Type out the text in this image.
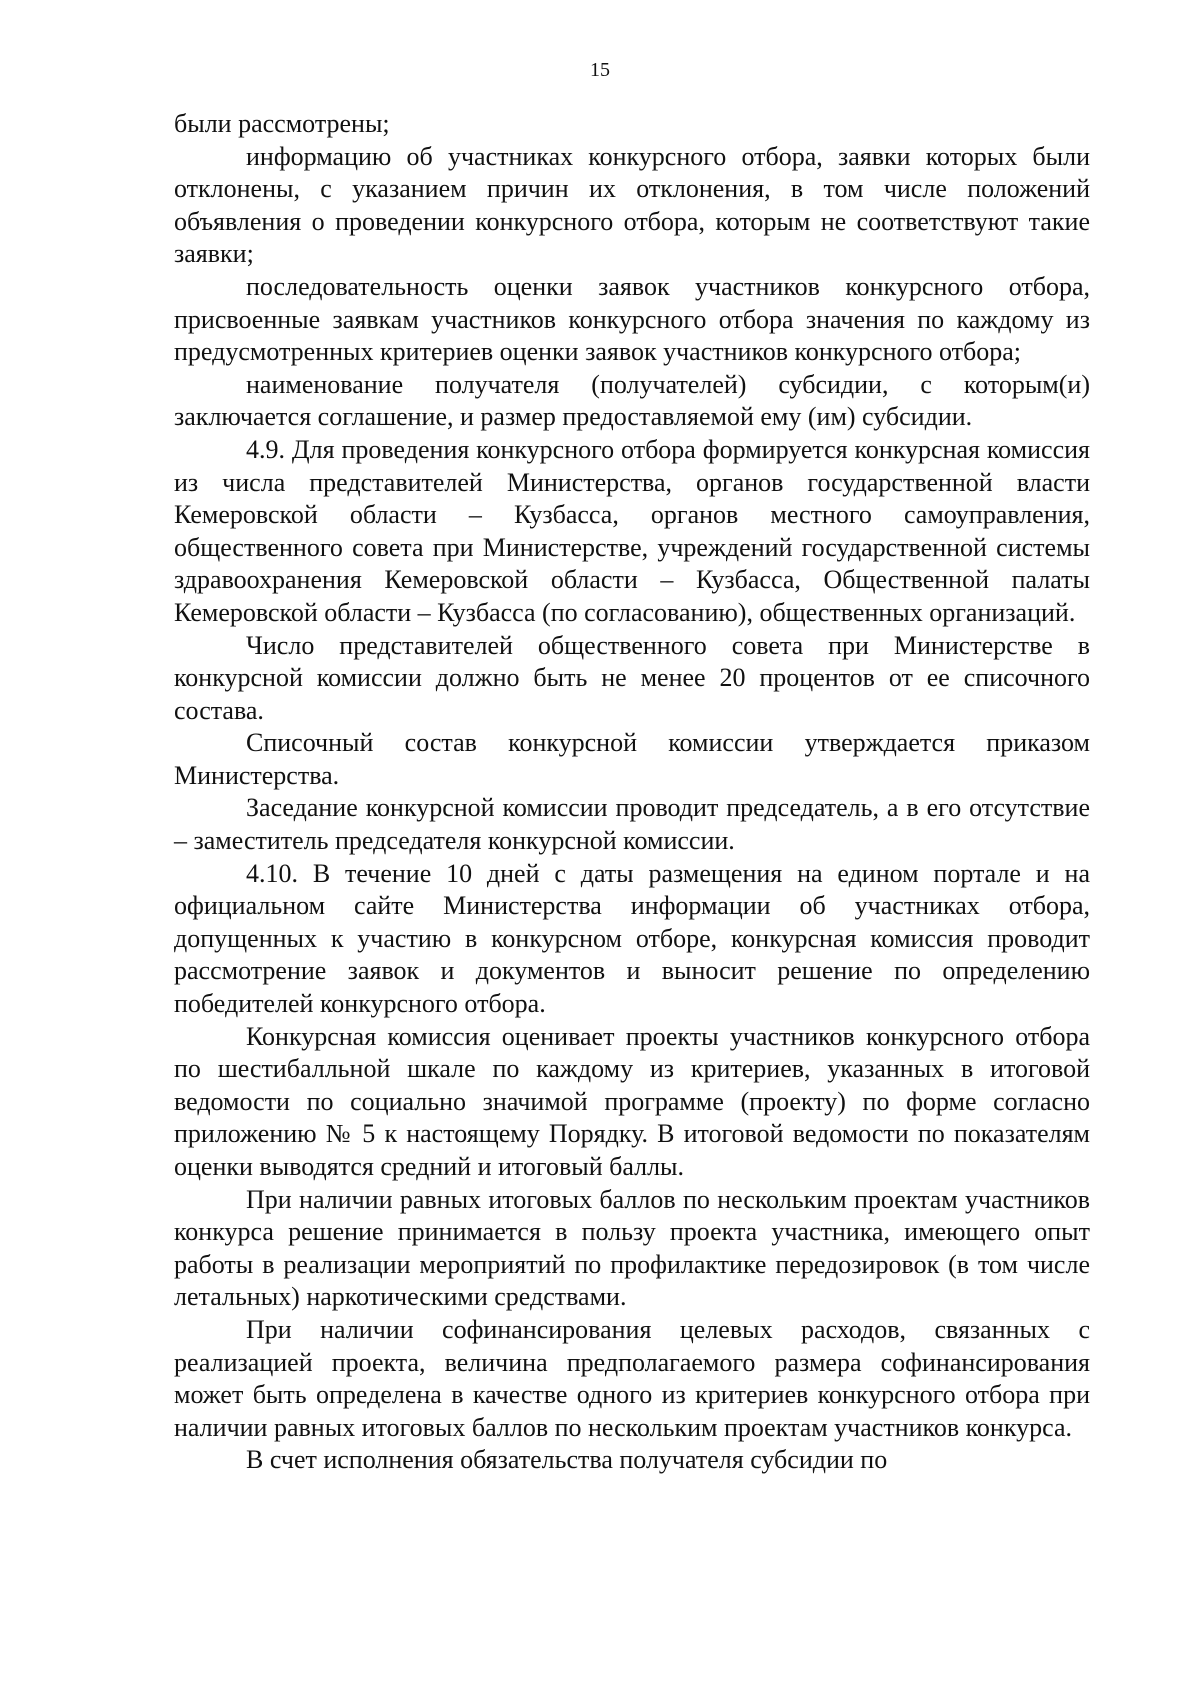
15

были рассмотрены;

информацию об участниках конкурсного отбора, заявки которых были отклонены, с указанием причин их отклонения, в том числе положений объявления о проведении конкурсного отбора, которым не соответствуют такие заявки;

последовательность оценки заявок участников конкурсного отбора, присвоенные заявкам участников конкурсного отбора значения по каждому из предусмотренных критериев оценки заявок участников конкурсного отбора;

наименование получателя (получателей) субсидии, с которым(и) заключается соглашение, и размер предоставляемой ему (им) субсидии.

4.9. Для проведения конкурсного отбора формируется конкурсная комиссия из числа представителей Министерства, органов государственной власти Кемеровской области – Кузбасса, органов местного самоуправления, общественного совета при Министерстве, учреждений государственной системы здравоохранения Кемеровской области – Кузбасса, Общественной палаты Кемеровской области – Кузбасса (по согласованию), общественных организаций.

Число представителей общественного совета при Министерстве в конкурсной комиссии должно быть не менее 20 процентов от ее списочного состава.

Списочный состав конкурсной комиссии утверждается приказом Министерства.

Заседание конкурсной комиссии проводит председатель, а в его отсутствие – заместитель председателя конкурсной комиссии.

4.10. В течение 10 дней с даты размещения на едином портале и на официальном сайте Министерства информации об участниках отбора, допущенных к участию в конкурсном отборе, конкурсная комиссия проводит рассмотрение заявок и документов и выносит решение по определению победителей конкурсного отбора.

Конкурсная комиссия оценивает проекты участников конкурсного отбора по шестибалльной шкале по каждому из критериев, указанных в итоговой ведомости по социально значимой программе (проекту) по форме согласно приложению № 5 к настоящему Порядку. В итоговой ведомости по показателям оценки выводятся средний и итоговый баллы.

При наличии равных итоговых баллов по нескольким проектам участников конкурса решение принимается в пользу проекта участника, имеющего опыт работы в реализации мероприятий по профилактике передозировок (в том числе летальных) наркотическими средствами.

При наличии софинансирования целевых расходов, связанных с реализацией проекта, величина предполагаемого размера софинансирования может быть определена в качестве одного из критериев конкурсного отбора при наличии равных итоговых баллов по нескольким проектам участников конкурса.

В счет исполнения обязательства получателя субсидии по
